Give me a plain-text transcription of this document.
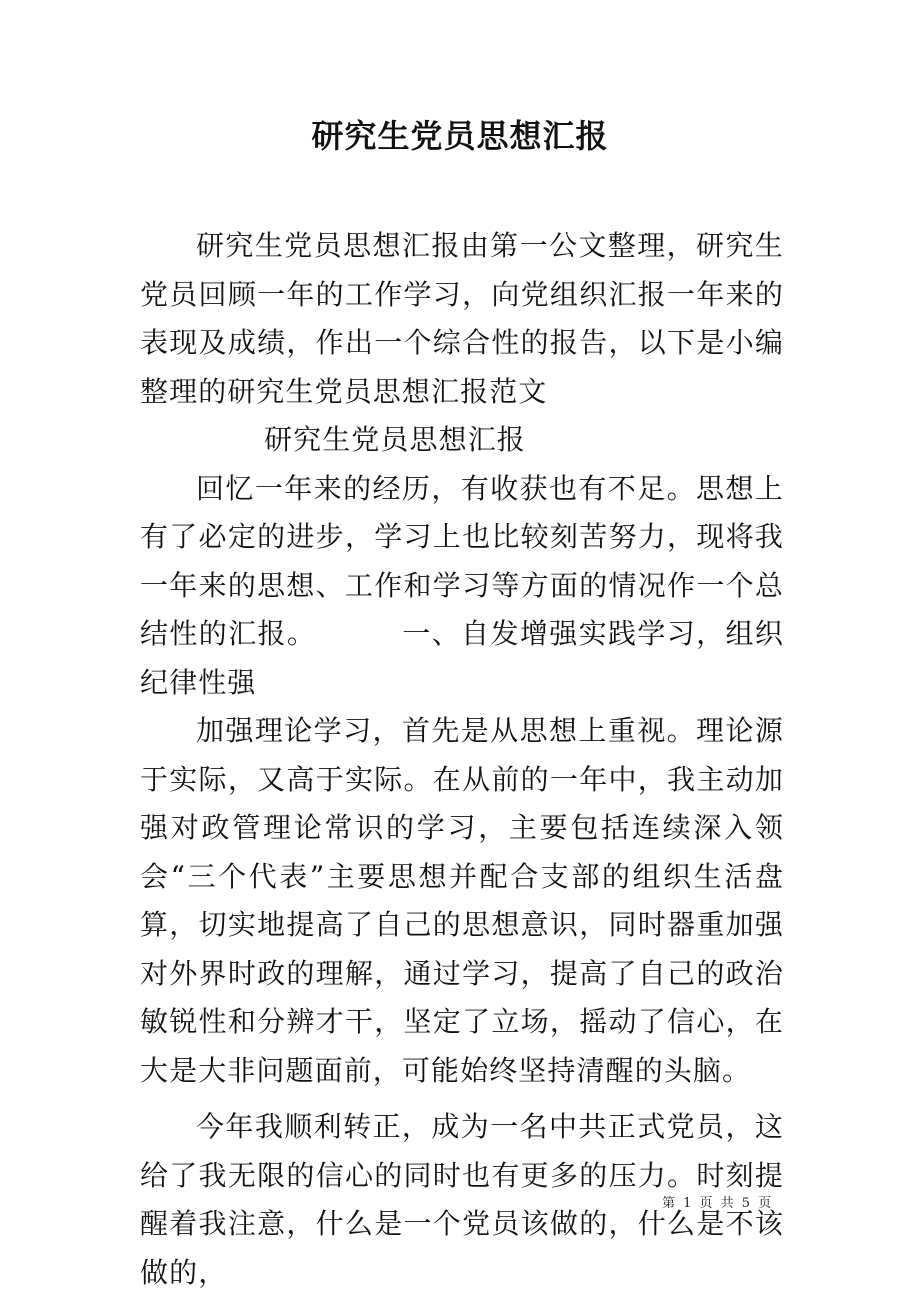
研究生党员思想汇报

研究生党员思想汇报由第一公文整理，研究生党员回顾一年的工作学习，向党组织汇报一年来的表现及成绩，作出一个综合性的报告，以下是小编整理的研究生党员思想汇报范文

研究生党员思想汇报

回忆一年来的经历，有收获也有不足。思想上有了必定的进步，学习上也比较刻苦努力，现将我一年来的思想、工作和学习等方面的情况作一个总结性的汇报。	一、自发增强实践学习，组织纪律性强

加强理论学习，首先是从思想上重视。理论源于实际，又高于实际。在从前的一年中，我主动加强对政管理论常识的学习，主要包括连续深入领会“三个代表”主要思想并配合支部的组织生活盘算，切实地提高了自己的思想意识，同时器重加强对外界时政的理解，通过学习，提高了自己的政治敏锐性和分辨才干，坚定了立场，摇动了信心，在大是大非问题面前，可能始终坚持清醒的头脑。

今年我顺利转正，成为一名中共正式党员，这给了我无限的信心的同时也有更多的压力。时刻提醒着我注意，什么是一个党员该做的，什么是不该做的，

第 1 页 共 5 页
